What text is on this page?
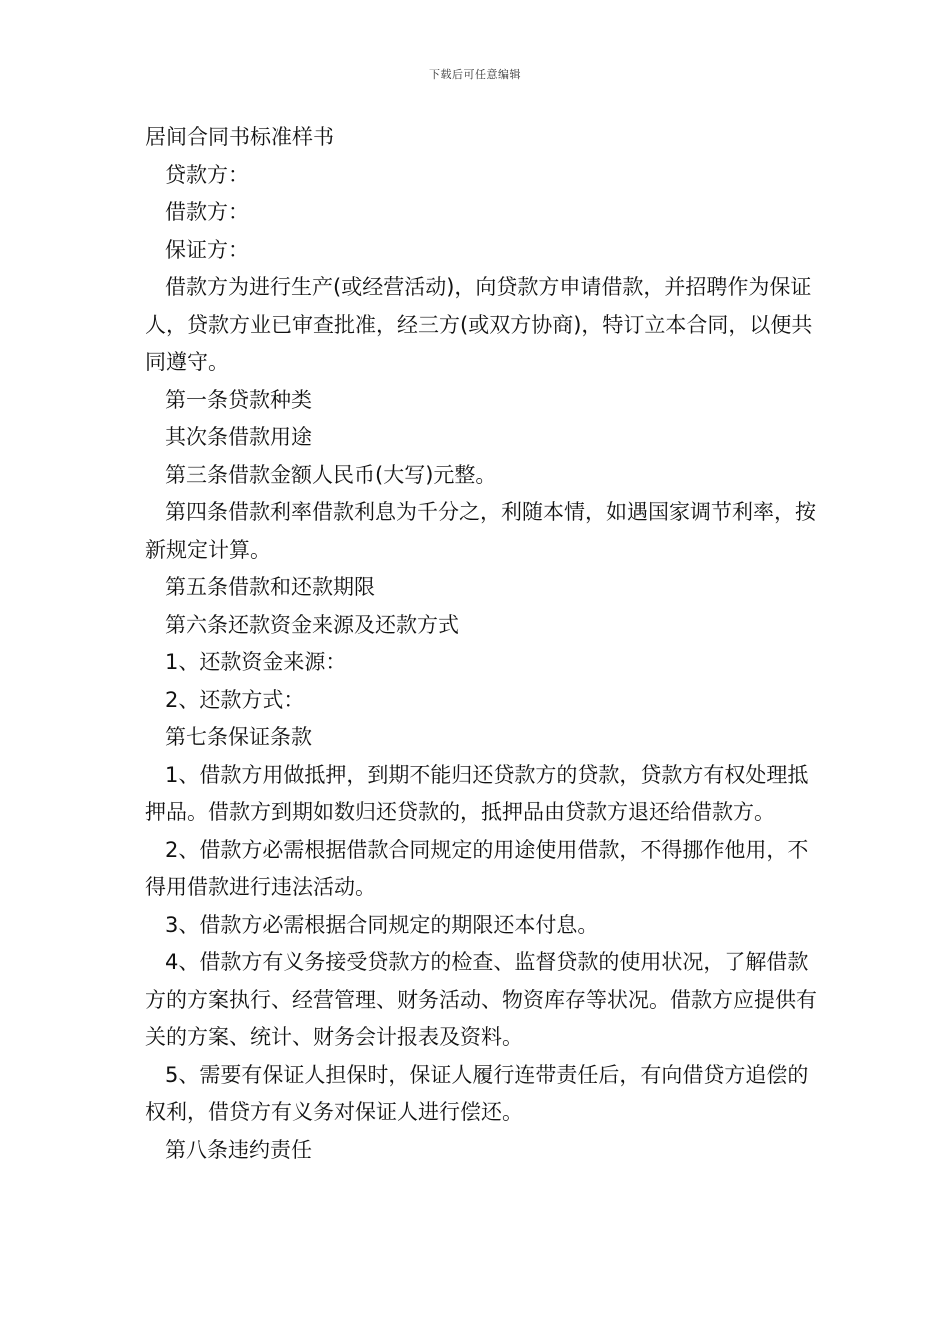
下载后可任意编辑

居间合同书标准样书

贷款方：

借款方：

保证方：

借款方为进行生产(或经营活动)，向贷款方申请借款，并招聘作为保证人，贷款方业已审查批准，经三方(或双方协商)，特订立本合同，以便共同遵守。

第一条贷款种类

其次条借款用途

第三条借款金额人民币(大写)元整。

第四条借款利率借款利息为千分之，利随本情，如遇国家调节利率，按新规定计算。

第五条借款和还款期限

第六条还款资金来源及还款方式

1、还款资金来源：

2、还款方式：

第七条保证条款

1、借款方用做抵押，到期不能归还贷款方的贷款，贷款方有权处理抵押品。借款方到期如数归还贷款的，抵押品由贷款方退还给借款方。

2、借款方必需根据借款合同规定的用途使用借款，不得挪作他用，不得用借款进行违法活动。

3、借款方必需根据合同规定的期限还本付息。

4、借款方有义务接受贷款方的检查、监督贷款的使用状况，了解借款方的方案执行、经营管理、财务活动、物资库存等状况。借款方应提供有关的方案、统计、财务会计报表及资料。

5、需要有保证人担保时，保证人履行连带责任后，有向借贷方追偿的权利，借贷方有义务对保证人进行偿还。

第八条违约责任
